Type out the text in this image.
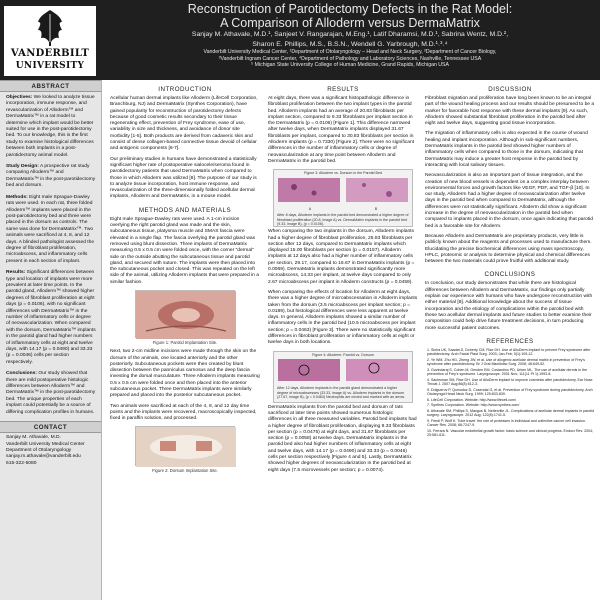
VANDERBILT
UNIVERSITY
Reconstruction of Parotidectomy Defects in the Rat Model:
A Comparison of Alloderm versus DermaMatrix
Sanjay M. Athavale, M.D.¹, Sanjeet V. Rangarajan, M.Eng.¹, Latif Dharamsi, M.D.¹, Sabrina Wentz, M.D.²,
Sharon E. Phillips, M.S., B.S.N., Wendell G. Yarbrough, M.D.¹˒³˒⁴
Vanderbilt University Medical Center, ¹Department of Otolaryngology – Head and Neck Surgery, ²Department of Cancer Biology,
³Vanderbilt Ingram Cancer Center, ⁴Department of Pathology and Laboratory Sciences, Nashville, Tennessee USA
⁵ Michigan State University College of Human Medicine, Grand Rapids, Michigan USA
ABSTRACT
Objectives: We looked to analyze tissue incorporation, immune response, and revascularization of Alloderm™ and DermaMatrix™ in a rat model to determine which implant would be better suited for use in the post-parotidectomy bed. To our knowledge, this is the first study to examine histological differences between both implants in a post-parotidectomy animal model.
Study Design: A prospective rat study comparing Alloderm™ and DermaMatrix™ in the post-parotidectomy bed and dorsum.
Methods: Eight male Sprague-Dawley rats were used. In each rat, three folded Alloderm™ implants were placed in the post-parotidectomy bed and three were placed in the dorsum as controls. The same was done for DermaMatrix™. Two animals were sacrificed at 4, 8, and 12 days. A blinded pathologist assessed the degree of fibroblast proliferation, microabscess, and inflammatory cells present in each section of implant.
Results: Significant differences between type and location of implants were more prevalent at later time points. In the parotid gland, Alloderm™ showed higher degrees of fibroblast proliferation at eight days (p = 0.0106), with no significant differences with DermaMatrix™ in the number of inflammatory cells or degree of neovascularization. When compared with the dorsum, DermaMatrix™ implants in the parotid gland had higher numbers of inflammatory cells at eight and twelve days, with 14.17 (p = 0.0490) and 33.33 (p = 0.0046) cells per section respectively.
Conclusions: Our study showed that there are mild postoperative histologic differences between Alloderm™ and DermaMatrix™ in the post-parotidectomy bed. The unique properties of each implant could potentially be a source of differing complication profiles in humans.
CONTACT
Sanjay M. Athavale, M.D.
Vanderbilt University Medical Center
Department of Otolaryngology
sanjay.m.athavale@vanderbilt.edu
615-322-5080
INTRODUCTION

Acellular human dermal implants like Alloderm (LifeCell Corporation, Branchburg, NJ) and DermaMatrix (Synthes Corporation), have gained popularity for reconstruction of parotidectomy defects because of good cosmetic results secondary to their tissue regenerating effect, prevention of Frey syndrome, ease of use, variability in size and thickness, and avoidance of donor site morbidity [1-5]. Both products are derived from cadaveric skin and consist of dense collagen-based connective tissue devoid of cellular and antigenic components [6-7].

Our preliminary studies in humans have demonstrated a statistically significant higher rate of postoperative sialocele/seroma found in parotidectomy patients that used DermaMatrix when compared to those in which Alloderm was utilized [8]. The purpose of our study is to analyze tissue incorporation, host immune response, and revascularization of the three-dimensionally folded acellular dermal implants, Alloderm and DermaMatrix, in a mouse model.

METHODS AND MATERIALS

Eight male Sprague-Dawley rats were used. A 1-cm incision overlying the right parotid gland was made and the skin, subcutaneous tissue, platysma muscle and SMAS fascia were elevated in a single flap. The fascia overlying the parotid gland was removed using blunt dissection. Three implants of DermaMatrix measuring 0.5 x 0.5 cm were folded once, with the corner “dermal” side on the outside abutting the subcutaneous tissue and parotid gland, and secured with suture. The implants were then placed into the subcutaneous pocket and closed. This was repeated on the left side of the animal, utilizing Alloderm implants that were prepared in a similar fashion.

Figure 1: Parotid Implantation Site.

Next, two 2-cm midline incisions were made through the skin on the dorsum of the animals, one located anteriorly and the other posteriorly. Subcutaneous pockets were then created by blunt dissection between the panniculus carnosus and the deep fascia investing the dorsal musculature. Three Alloderm implants measuring 0.5 x 0.5 cm were folded once and then placed into the anterior subcutaneous pocket. Three DermaMatrix implants were similarly prepared and placed into the posterior subcutaneous pocket.

Two animals were sacrificed at each of the 4, 8, and 12 day time points and the implants were recovered, macroscopically inspected, fixed in paraffin solution, and processed.

Figure 2: Dorsum Implantation Site.
RESULTS

At eight days, there was a significant histopathologic difference in fibroblast proliferation between the two implant types in the parotid bed. Alloderm implants had an average of 20.83 fibroblasts per implant section, compared to 9.33 fibroblasts per implant section in the DermaMatrix (p = 0.0106) [Figure 1]. This difference narrowed after twelve days, when DermaMatrix implants displayed 31.67 fibroblasts per implant, compared to 30.83 fibroblasts per section in Alloderm implants (p = 0.7330) [Figure 2]. There were no significant differences in the number of inflammatory cells or degree of neovascularization at any time point between Alloderm and DermaMatrix in the parotid bed.

Figure 3: Alloderm vs. Dorsum in the Parotid Bed
A	B
After 8 days, Alloderm implants in the parotid bed demonstrated a higher degree of fibroblast proliferation (20.8, image A) vs. DermaMatrix implants in the parotid bed (9.33, image B), (p = 0.0106).

When comparing the two implants in the dorsum, Alloderm implants had a higher degree of fibroblast proliferation, 25.83 fibroblasts per section after 12 days, compared to DermaMatrix implants which displayed 15.00 fibroblasts per section (p = 0.0157). Alloderm implants at 12 days also had a higher number of inflammatory cells per section, 29.17, compared to 16.67 in DermaMatrix implants (p = 0.0069). DermaMatrix implants demonstrated significantly more microabscess, 14.33 per implant, at twelve days compared to only 2.67 microabscess per implant in Alloderm constructs (p = 0.0459).

When comparing the effects of location for Alloderm at eight days, there was a higher degree of microabscessation in Alloderm implants taken from the dorsum (3.5 microabscess per implant section; p = 0.0189), but histological differences were less apparent at twelve days. In general, Alloderm implants showed a similar number of inflammatory cells in the parotid bed (10.5 microabscess per implant section; p = 0.0463) [Figure 3]. There were no statistically significant differences in fibroblast proliferation or inflammatory cells at eight or twelve days in both locations.

Figure 4: Alloderm: Parotid vs. Dorsum
After 12 days, Alloderm implants in the parotid gland demonstrated a higher degree of microabscesses (33.33, image A) vs. Alloderm implants in the dorsum (27.67, image B), (p = 0.0463) Neutrophils are circled and marked with an arrow.

DermaMatrix implants from the parotid bed and dorsum of rats sacrificed at later time points showed numerous histologic differences in all three measured variables. Parotid bed implants had a higher degree of fibroblast proliferation, displaying 9.33 fibroblasts per section (p = 0.0475) at eight days, and 31.67 fibroblasts per section (p = 0.0058) at twelve days. DermaMatrix implants in the parotid bed also had higher numbers of inflammatory cells at eight and twelve days, with 14.17 (p = 0.0490) and 33.33 (p = 0.0046) cells per section respectively [Figure 4 and 5]. Lastly, DermaMatrix showed higher degrees of neovascularization in the parotid bed at eight days (7.5 microvessels per section; p = 0.0074).

DISCUSSION

Fibroblast migration and proliferation have long been known to be an integral part of the wound healing process and our results should be presumed to be a marker for favorable host response with these dermal implants [9]. As such, Alloderm showed substantial fibroblast proliferation in the parotid bed after eight and twelve days, suggesting good tissue incorporation.

The migration of inflammatory cells is also expected in the course of wound healing and implant incorporation. Although in sub-significant numbers, DermaMatrix implants in the parotid bed showed higher numbers of inflammatory cells when compared to those in the dorsum, indicating that DermaMatrix may induce a greater host response in the parotid bed by interacting with local salivary tissues.

Neovascularization is also an important part of tissue integration, and the creation of new blood vessels is dependent on a complex interplay between environmental forces and growth factors like VEGF, PDF, and TGF-β [10]. In our study, Alloderm had a higher degree of neovascularization after twelve days in the parotid bed when compared to DermaMatrix, although the differences were not statistically significant. Alloderm did show a significant increase in the degree of neovascularization in the parotid bed when compared to implants placed in the dorsum, once again indicating that parotid bed is a favorable site for Alloderm.

Because Alloderm and DermaMatrix are proprietary products, very little is publicly known about the reagents and processes used to manufacture them. Elucidating the precise biochemical differences using mass spectroscopy, HPLC, proteomic or analysis to determine physical and chemical differences between the two materials could prove fruitful with additional study.

CONCLUSIONS

In conclusion, our study demonstrates that while there are histological differences between Alloderm and DermaMatrix, our findings only partially explain our experience with humans who have undergone reconstruction with either material [8]. Additional knowledge about the success of tissue incorporation and the etiology of complications within the parotid bed with these two acellular dermal implants and future studies to better examine their composition could help drive future treatment decisions, in turn producing more successful patient outcomes.

REFERENCES
1. Sinha UK, Saadat D, Doherty CM, Rice DH. Use of AlloDerm implant to prevent Frey syndrome after parotidectomy. Arch Facial Plast Surg. 2003; Jan-Feb; 5(1):109-12.
2. Ye WM, Zhu HG, Zheng JW, et al. Use of allogenic acellular dermal matrix in prevention of Frey's syndrome after parotidectomy. Br J Oral Maxillofac Surg. 2008; 46:649-52.
3. Govindaraj S, Cohen M, Genden EM, Costantino PD, Urken ML. The use of acellular dermis in the prevention of Frey's syndrome. Laryngoscope. 2001 Nov; 111(11 Pt 1):1993-8.
4. Sachsman SM, Rice DH. Use of AlloDerm implant to improve cosmesis after parotidectomy. Ear Nose Throat J. 2007 Aug;86(8):512-3.
5. Dulguerov P, Quinodoz D, Cosendai G, et al. Prevention of Frey syndrome during parotidectomy. Arch Otolaryngol Head Neck Surg. 1999; 125:833-839.
6. LifeCell Corporation. Website: http://www.lifecell.com/
7. Synthes Corporation. Website: http://www.synthes.com/
8. Athavale SM, Phillips S, Mangus B, Netterville JL. Complications of acellular dermal implants in parotid surgery. Laryngoscope. 2012 Aug; 122(8):1741-5.
9. Friedl P, Wolf K. Tube travel: the role of proteases in individual and collective cancer cell invasion. Cancer Res. 2008; 68:7247-9.
10. Ferrara N. Vascular endothelial growth factor: basic science and clinical progress. Endocr Rev. 2004; 25:581-611.
